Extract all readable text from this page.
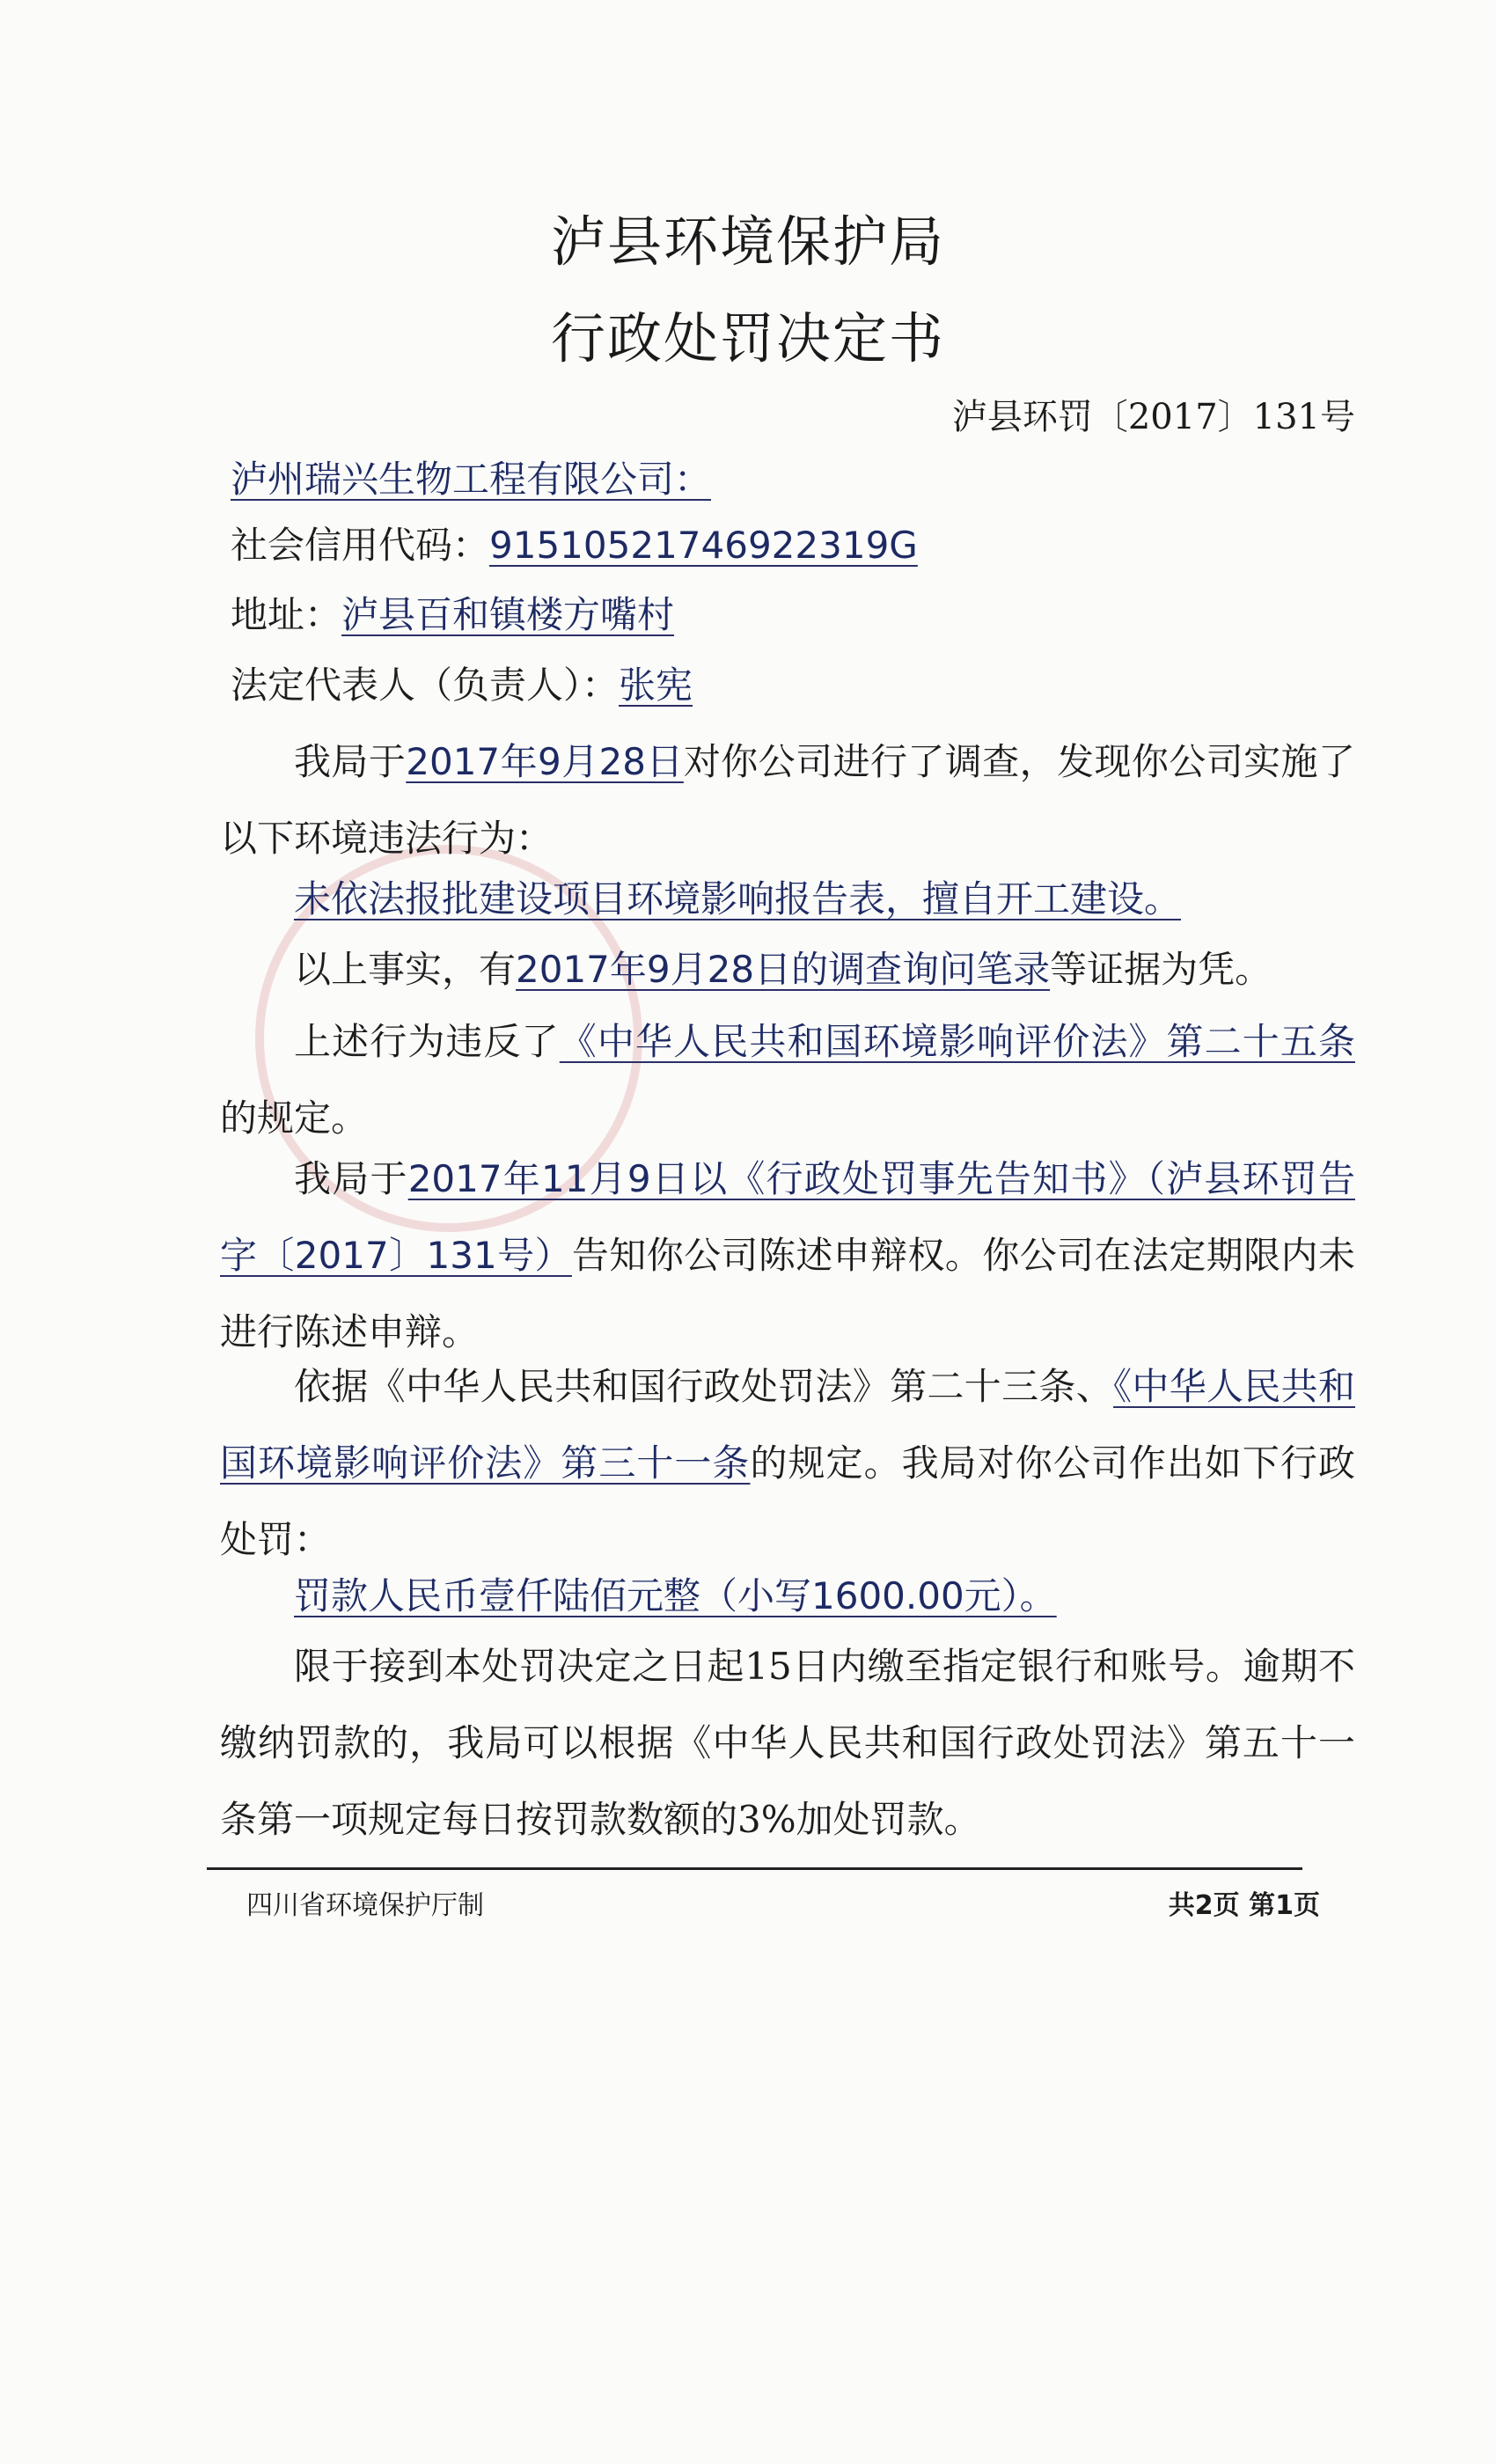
泸县环境保护局
行政处罚决定书
泸县环罚〔2017〕131号
泸州瑞兴生物工程有限公司：
社会信用代码：91510521746922319G
地址：泸县百和镇楼方嘴村
法定代表人（负责人）：张宪
我局于2017年9月28日对你公司进行了调查，发现你公司实施了以下环境违法行为：
未依法报批建设项目环境影响报告表，擅自开工建设。
以上事实，有2017年9月28日的调查询问笔录等证据为凭。
上述行为违反了《中华人民共和国环境影响评价法》第二十五条的规定。
我局于2017年11月9日以《行政处罚事先告知书》（泸县环罚告字〔2017〕131号）告知你公司陈述申辩权。你公司在法定期限内未进行陈述申辩。
依据《中华人民共和国行政处罚法》第二十三条、《中华人民共和国环境影响评价法》第三十一条的规定。我局对你公司作出如下行政处罚：
罚款人民币壹仟陆佰元整（小写1600.00元）。
限于接到本处罚决定之日起15日内缴至指定银行和账号。逾期不缴纳罚款的，我局可以根据《中华人民共和国行政处罚法》第五十一条第一项规定每日按罚款数额的3%加处罚款。
四川省环境保护厅制	共2页 第1页
